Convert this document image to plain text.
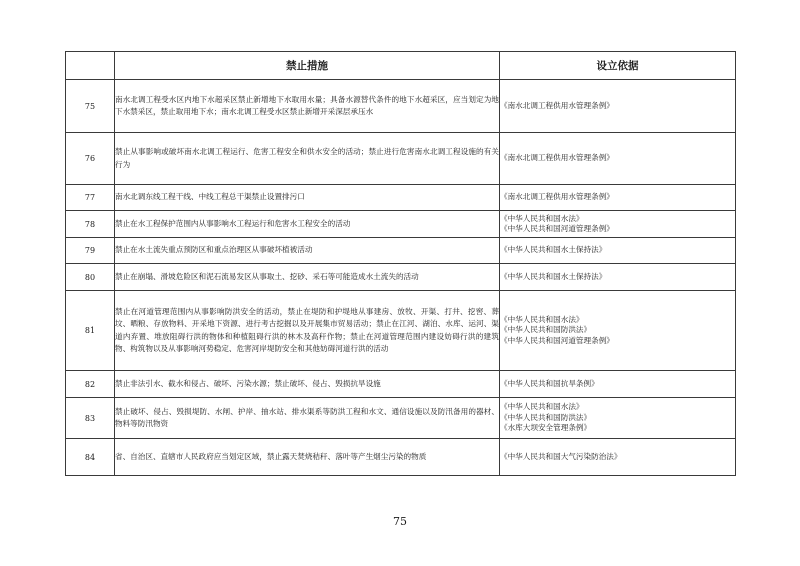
	禁止措施	设立依据
75	南水北调工程受水区内地下水超采区禁止新增地下水取用水量；具备水源替代条件的地下水超采区，应当划定为地下水禁采区，禁止取用地下水；南水北调工程受水区禁止新增开采深层承压水	《南水北调工程供用水管理条例》

76	禁止从事影响或破坏南水北调工程运行、危害工程安全和供水安全的活动；禁止进行危害南水北调工程设施的有关行为	《南水北调工程供用水管理条例》

77	南水北调东线工程干线、中线工程总干渠禁止设置排污口	《南水北调工程供用水管理条例》

78	禁止在水工程保护范围内从事影响水工程运行和危害水工程安全的活动	《中华人民共和国水法》
《中华人民共和国河道管理条例》

79	禁止在水土流失重点预防区和重点治理区从事破坏植被活动	《中华人民共和国水土保持法》

80	禁止在崩塌、滑坡危险区和泥石流易发区从事取土、挖砂、采石等可能造成水土流失的活动	《中华人民共和国水土保持法》

81	禁止在河道管理范围内从事影响防洪安全的活动，禁止在堤防和护堤地从事建房、放牧、开渠、打井、挖窖、葬坟、晒粮、存放物料、开采地下资源、进行考古挖掘以及开展集市贸易活动；禁止在江河、湖泊、水库、运河、渠道内弃置、堆放阻碍行洪的物体和种植阻碍行洪的林木及高秆作物；禁止在河道管理范围内建设妨碍行洪的建筑物、构筑物以及从事影响河势稳定、危害河岸堤防安全和其他妨碍河道行洪的活动	《中华人民共和国水法》
《中华人民共和国防洪法》
《中华人民共和国河道管理条例》

82	禁止非法引水、截水和侵占、破坏、污染水源；禁止破坏、侵占、毁损抗旱设施	《中华人民共和国抗旱条例》

83	禁止破坏、侵占、毁损堤防、水闸、护岸、抽水站、排水渠系等防洪工程和水文、通信设施以及防汛备用的器材、物料等防汛物资	《中华人民共和国水法》
《中华人民共和国防洪法》
《水库大坝安全管理条例》

84	省、自治区、直辖市人民政府应当划定区域，禁止露天焚烧秸秆、落叶等产生烟尘污染的物质	《中华人民共和国大气污染防治法》
75
